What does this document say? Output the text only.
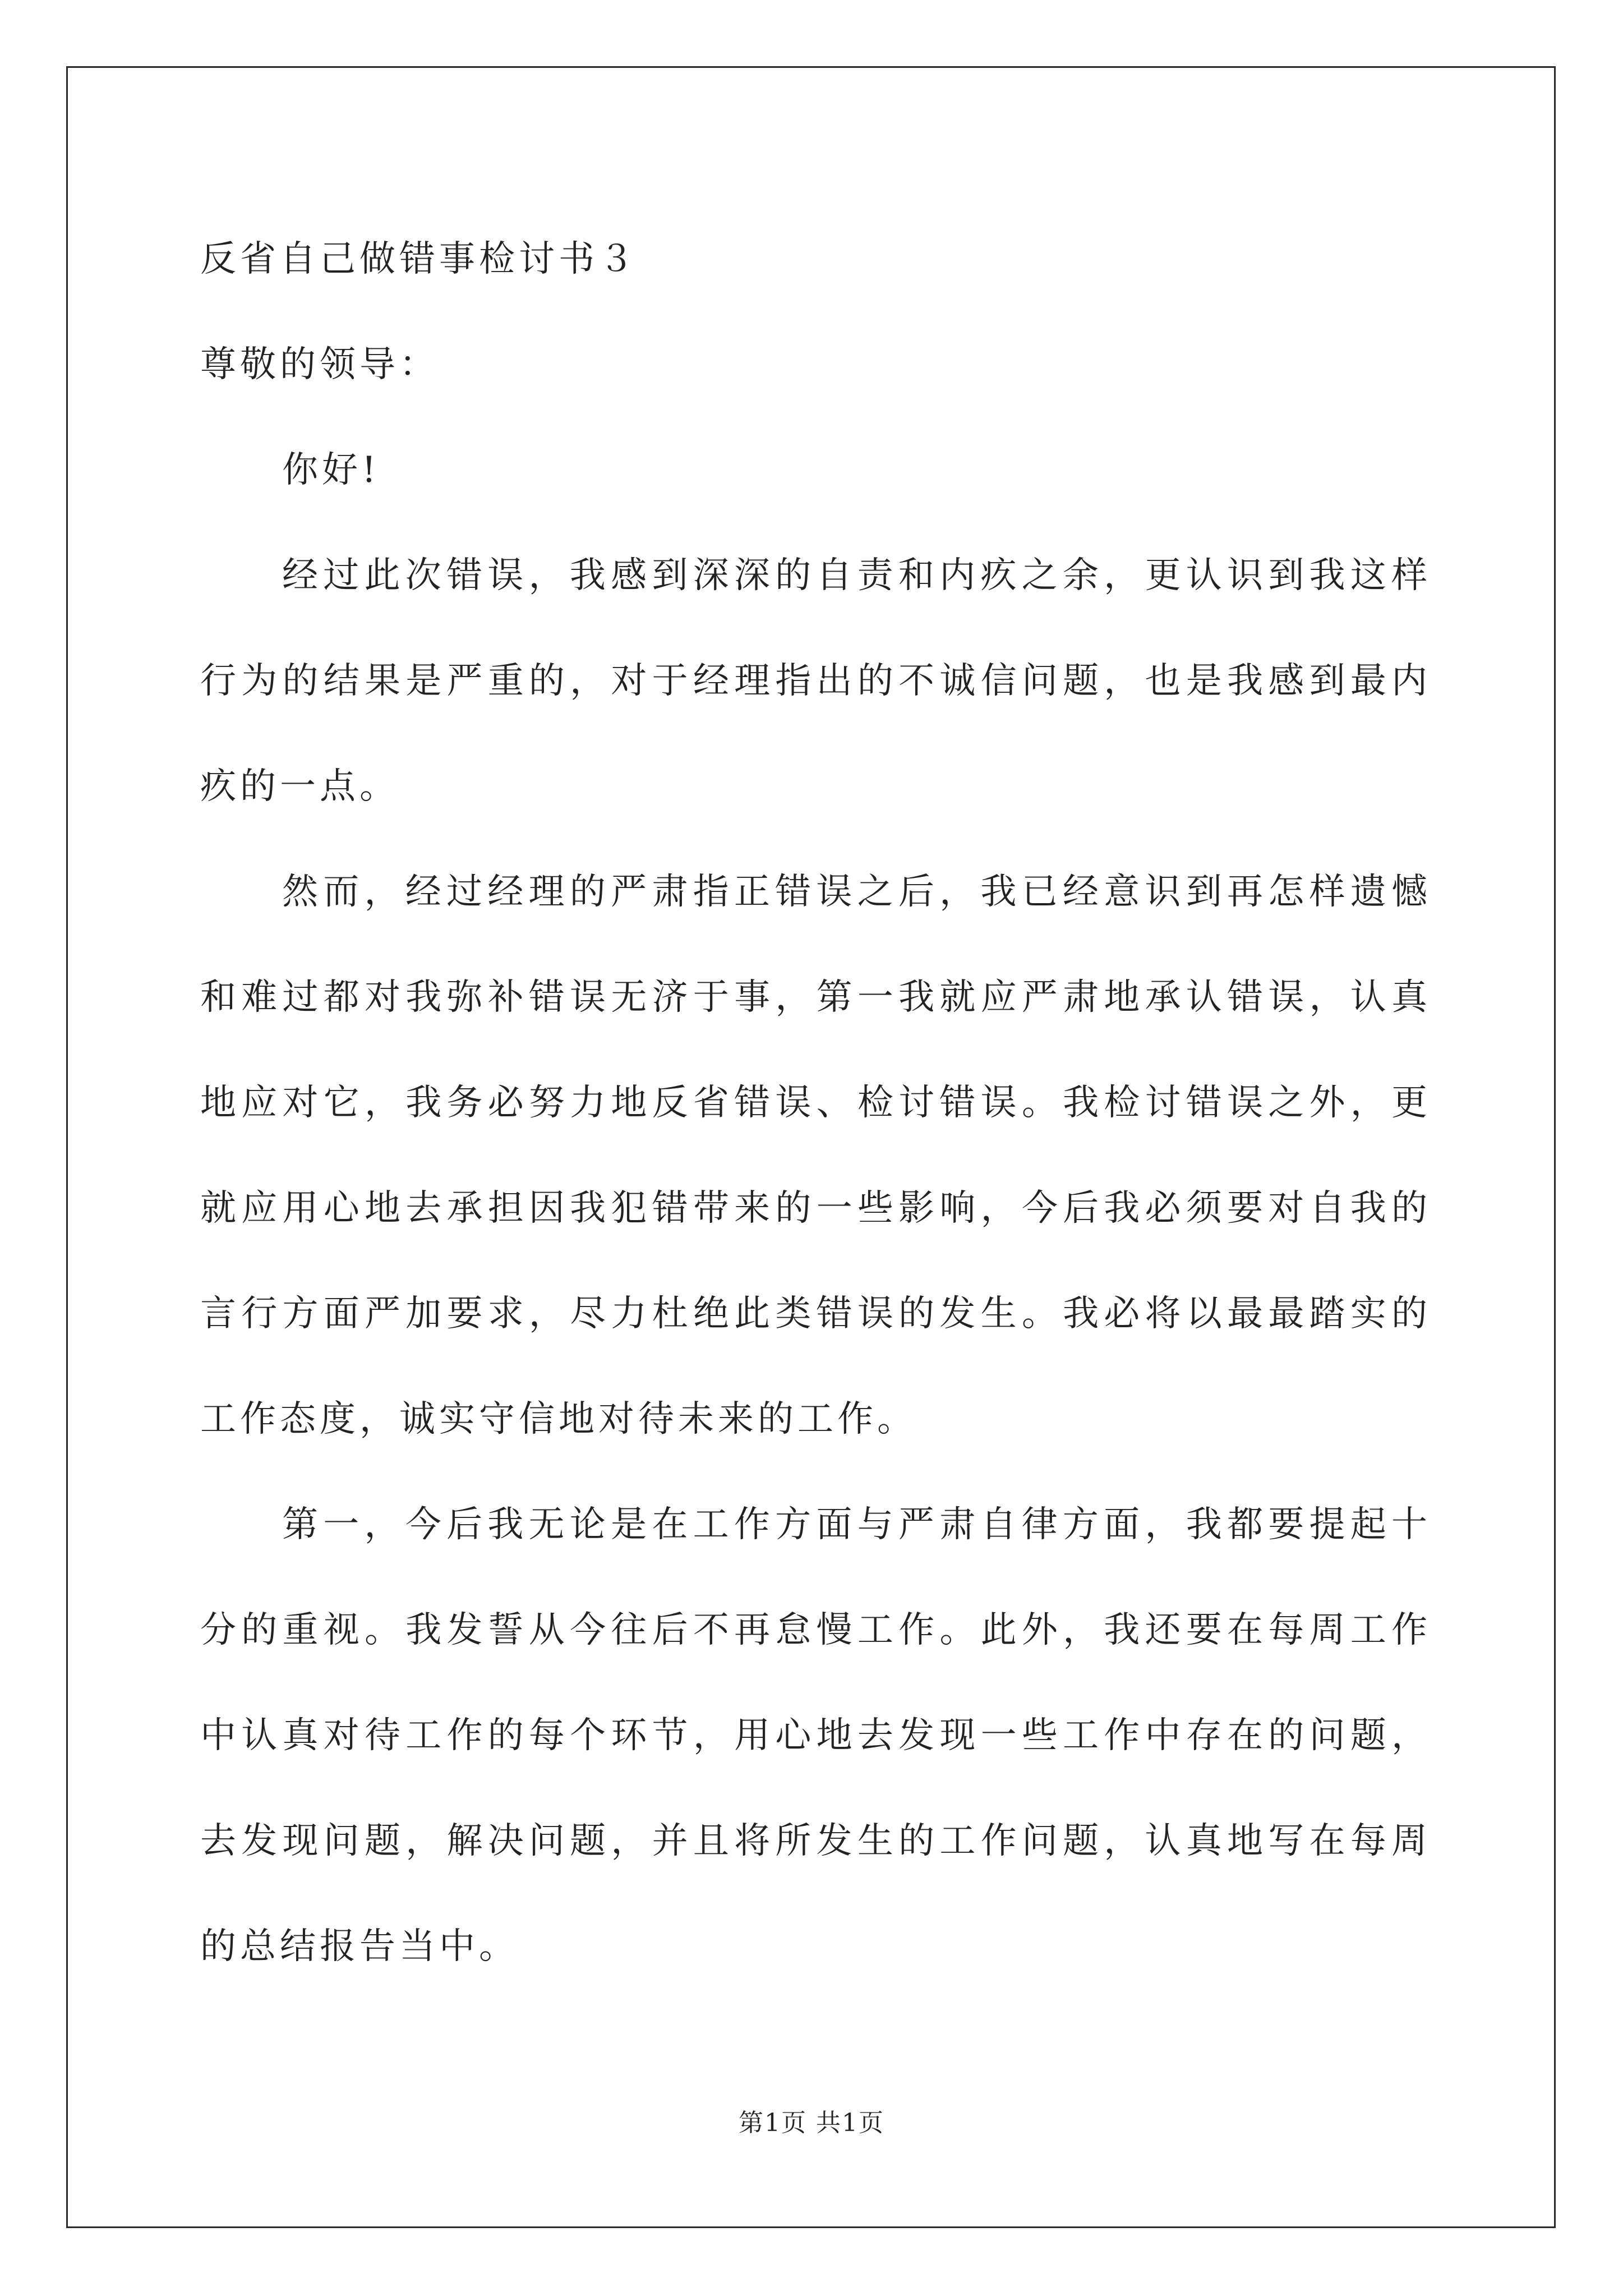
反省自己做错事检讨书３

尊敬的领导：

你好!

经过此次错误，我感到深深的自责和内疚之余，更认识到我这样行为的结果是严重的，对于经理指出的不诚信问题，也是我感到最内疚的一点。

然而，经过经理的严肃指正错误之后，我已经意识到再怎样遗憾和难过都对我弥补错误无济于事，第一我就应严肃地承认错误，认真地应对它，我务必努力地反省错误、检讨错误。我检讨错误之外，更就应用心地去承担因我犯错带来的一些影响，今后我必须要对自我的言行方面严加要求，尽力杜绝此类错误的发生。我必将以最最踏实的工作态度，诚实守信地对待未来的工作。

第一，今后我无论是在工作方面与严肃自律方面，我都要提起十分的重视。我发誓从今往后不再怠慢工作。此外，我还要在每周工作中认真对待工作的每个环节，用心地去发现一些工作中存在的问题，去发现问题，解决问题，并且将所发生的工作问题，认真地写在每周的总结报告当中。

第1页 共1页
